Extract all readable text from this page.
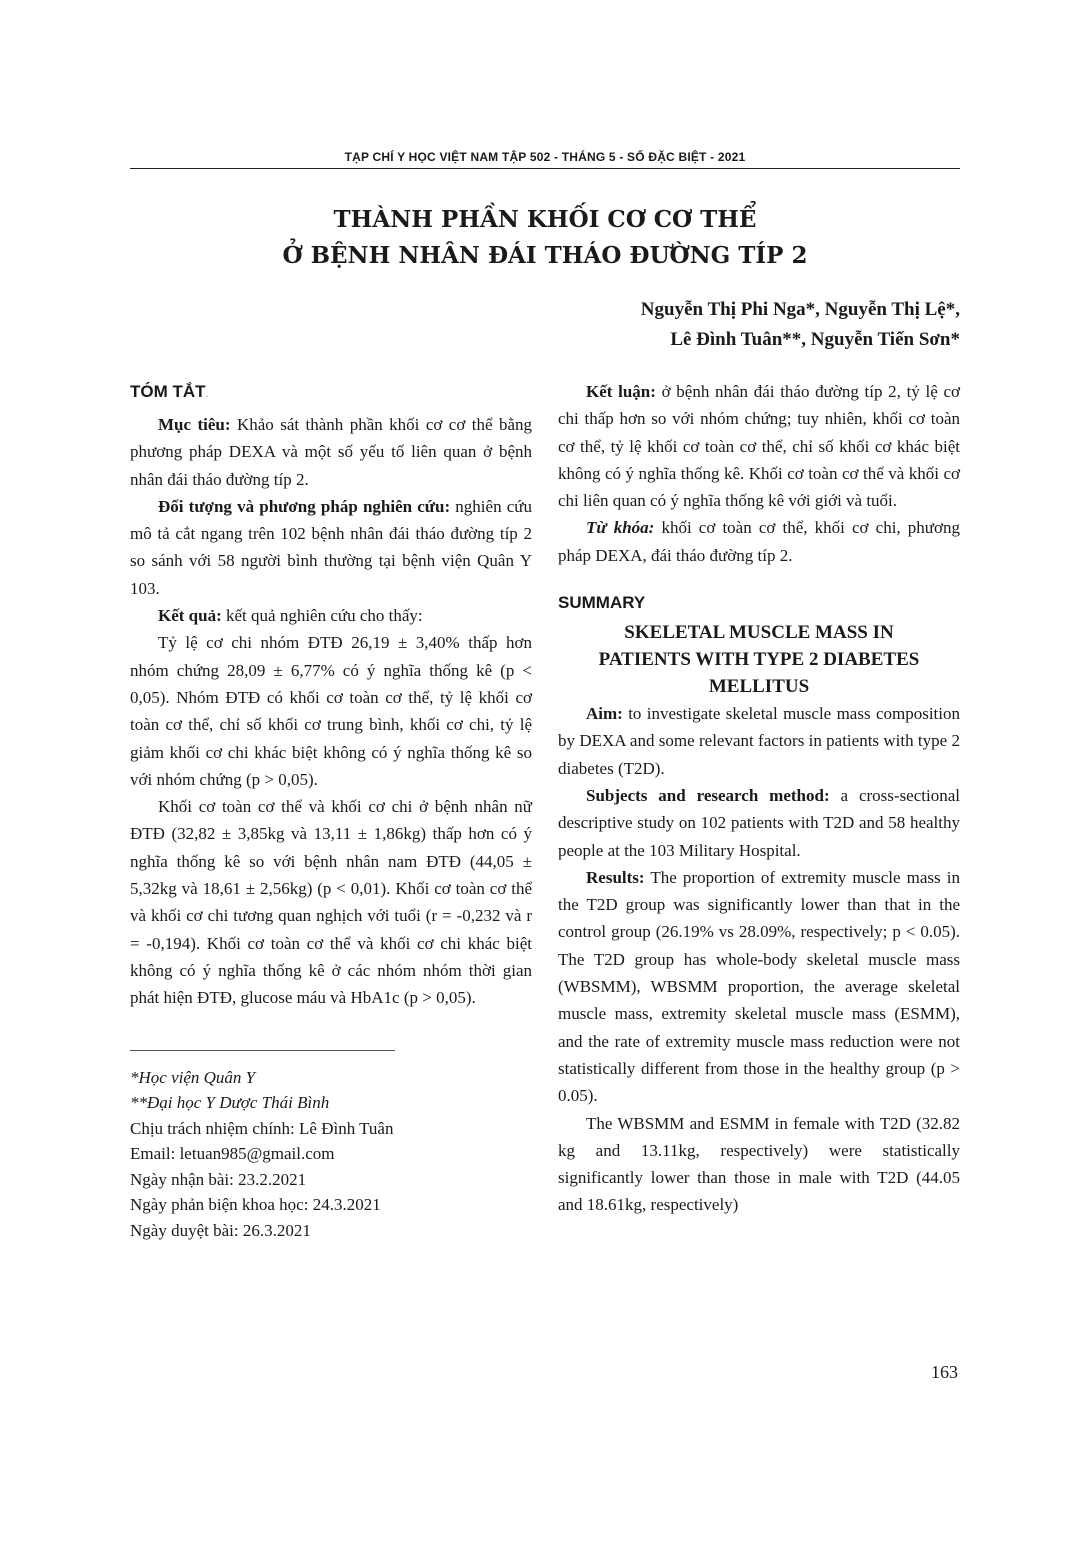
TẠP CHÍ Y HỌC VIỆT NAM TẬP 502 - THÁNG 5 - SỐ ĐẶC BIỆT - 2021
THÀNH PHẦN KHỐI CƠ CƠ THỂ
Ở BỆNH NHÂN ĐÁI THÁO ĐƯỜNG TÍP 2
Nguyễn Thị Phi Nga*, Nguyễn Thị Lệ*,
Lê Đình Tuân**, Nguyễn Tiến Sơn*
TÓM TẮT.

Mục tiêu: Khảo sát thành phần khối cơ cơ thể bằng phương pháp DEXA và một số yếu tố liên quan ở bệnh nhân đái tháo đường típ 2.

Đối tượng và phương pháp nghiên cứu: nghiên cứu mô tả cắt ngang trên 102 bệnh nhân đái tháo đường típ 2 so sánh với 58 người bình thường tại bệnh viện Quân Y 103.

Kết quả: kết quả nghiên cứu cho thấy:

Tỷ lệ cơ chi nhóm ĐTĐ 26,19 ± 3,40% thấp hơn nhóm chứng 28,09 ± 6,77% có ý nghĩa thống kê (p < 0,05). Nhóm ĐTĐ có khối cơ toàn cơ thể, tỷ lệ khối cơ toàn cơ thể, chỉ số khối cơ trung bình, khối cơ chi, tỷ lệ giảm khối cơ chi khác biệt không có ý nghĩa thống kê so với nhóm chứng (p > 0,05).

Khối cơ toàn cơ thể và khối cơ chi ở bệnh nhân nữ ĐTĐ (32,82 ± 3,85kg và 13,11 ± 1,86kg) thấp hơn có ý nghĩa thống kê so với bệnh nhân nam ĐTĐ (44,05 ± 5,32kg và 18,61 ± 2,56kg) (p < 0,01). Khối cơ toàn cơ thể và khối cơ chi tương quan nghịch với tuổi (r = -0,232 và r = -0,194). Khối cơ toàn cơ thể và khối cơ chi khác biệt không có ý nghĩa thống kê ở các nhóm nhóm thời gian phát hiện ĐTĐ, glucose máu và HbA1c (p > 0,05).

*Học viện Quân Y

**Đại học Y Dược Thái Bình

Chịu trách nhiệm chính: Lê Đình Tuân

Email: letuan985@gmail.com

Ngày nhận bài: 23.2.2021

Ngày phản biện khoa học: 24.3.2021

Ngày duyệt bài: 26.3.2021

Kết luận: ở bệnh nhân đái tháo đường típ 2, tỷ lệ cơ chi thấp hơn so với nhóm chứng; tuy nhiên, khối cơ toàn cơ thể, tỷ lệ khối cơ toàn cơ thể, chỉ số khối cơ khác biệt không có ý nghĩa thống kê. Khối cơ toàn cơ thể và khối cơ chi liên quan có ý nghĩa thống kê với giới và tuổi.

Từ khóa: khối cơ toàn cơ thể, khối cơ chi, phương pháp DEXA, đái tháo đường típ 2.

SUMMARY
SKELETAL MUSCLE MASS IN
PATIENTS WITH TYPE 2 DIABETES
MELLITUS

Aim: to investigate skeletal muscle mass composition by DEXA and some relevant factors in patients with type 2 diabetes (T2D).

Subjects and research method: a cross-sectional descriptive study on 102 patients with T2D and 58 healthy people at the 103 Military Hospital.

Results: The proportion of extremity muscle mass in the T2D group was significantly lower than that in the control group (26.19% vs 28.09%, respectively; p < 0.05). The T2D group has whole-body skeletal muscle mass (WBSMM), WBSMM proportion, the average skeletal muscle mass, extremity skeletal muscle mass (ESMM), and the rate of extremity muscle mass reduction were not statistically different from those in the healthy group (p > 0.05).

The WBSMM and ESMM in female with T2D (32.82 kg and 13.11kg, respectively) were statistically significantly lower than those in male with T2D (44.05 and 18.61kg, respectively)

163
